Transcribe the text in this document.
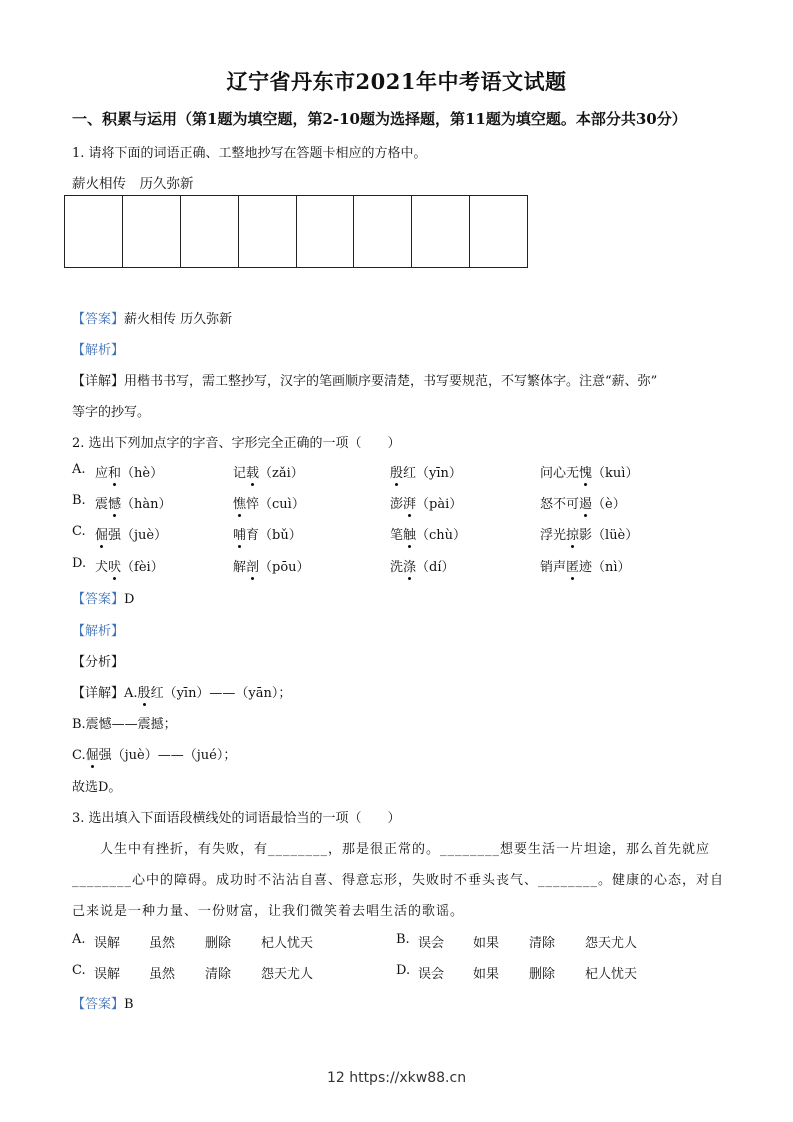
辽宁省丹东市2021年中考语文试题
一、积累与运用（第1题为填空题，第2-10题为选择题，第11题为填空题。本部分共30分）
1. 请将下面的词语正确、工整地抄写在答题卡相应的方格中。
薪火相传　历久弥新
【答案】薪火相传 历久弥新
【解析】
【详解】用楷书书写，需工整抄写，汉字的笔画顺序要清楚，书写要规范，不写繁体字。注意“薪、弥”
等字的抄写。
2. 选出下列加点字的字音、字形完全正确的一项（　　）
A. 应和（hè）	记载（zǎi）	殷红（yīn）	问心无愧（kuì）
B. 震憾（hàn）	憔悴（cuì）	澎湃（pài）	怒不可遏（è）
C. 倔强（juè）	哺育（bǔ）	笔触（chù）	浮光掠影（lüè）
D. 犬吠（fèi）	解剖（pōu）	洗涤（dí）	销声匿迹（nì）
【答案】D
【解析】
【分析】
【详解】A.殷红（yīn）——（yān）；
B.震憾——震撼；
C.倔强（juè）——（jué）；
故选D。
3. 选出填入下面语段横线处的词语最恰当的一项（　　）
人生中有挫折，有失败，有________，那是很正常的。________想要生活一片坦途，那么首先就应
________心中的障碍。成功时不沾沾自喜、得意忘形，失败时不垂头丧气、________。健康的心态，对自
己来说是一种力量、一份财富，让我们微笑着去唱生活的歌谣。
A. 误解 虽然 删除 杞人忧天	B. 误会 如果 清除 怨天尤人
C. 误解 虽然 清除 怨天尤人	D. 误会 如果 删除 杞人忧天
【答案】B
12 https://xkw88.cn
